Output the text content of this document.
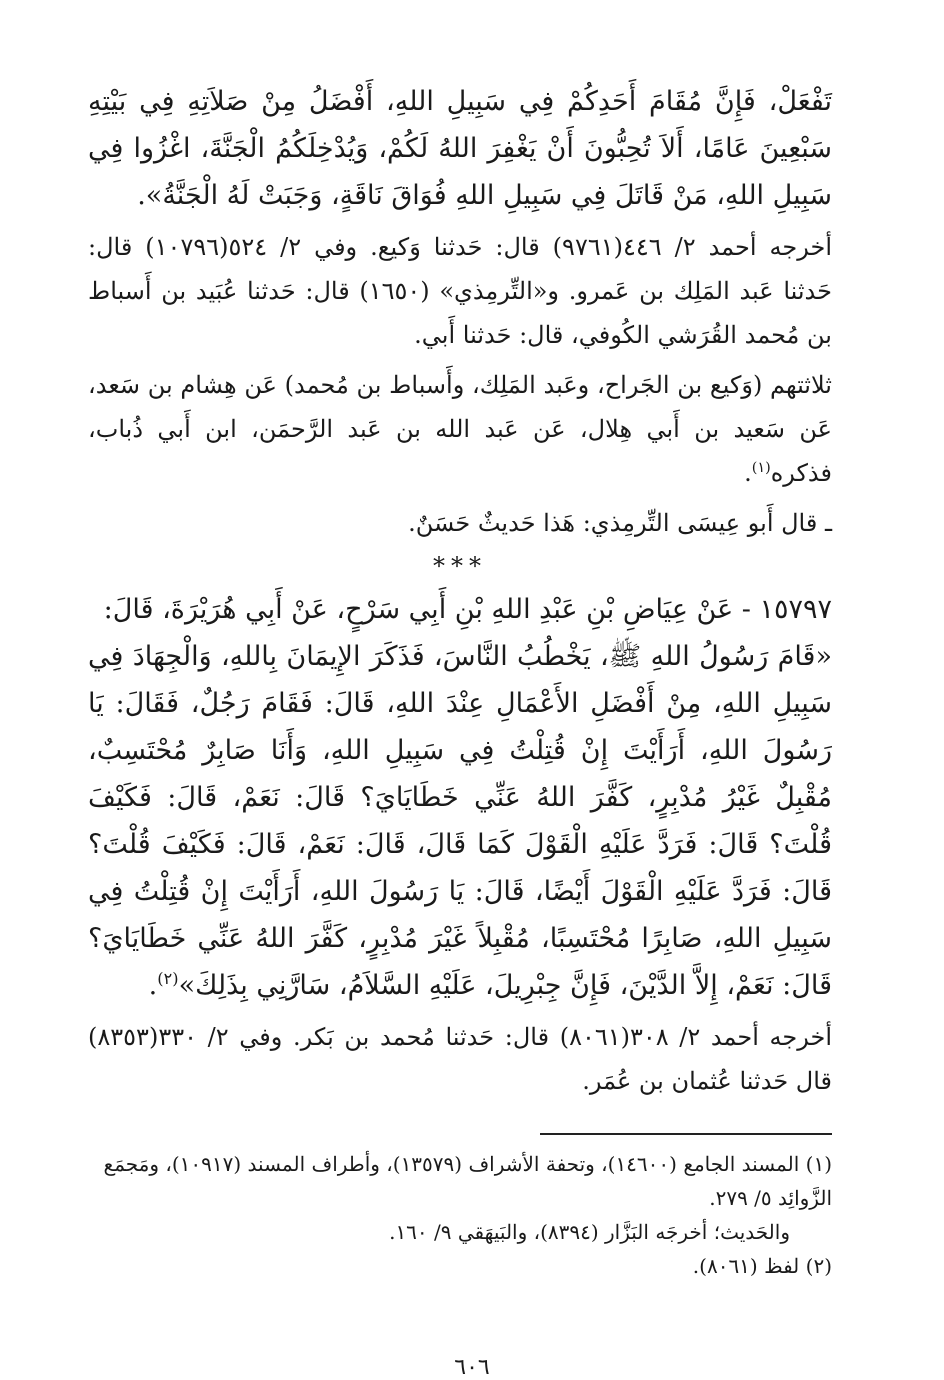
تَفْعَلْ، فَإِنَّ مُقَامَ أَحَدِكُمْ فِي سَبِيلِ اللهِ، أَفْضَلُ مِنْ صَلاَتِهِ فِي بَيْتِهِ سَبْعِينَ عَامًا، أَلاَ تُحِبُّونَ أَنْ يَغْفِرَ اللهُ لَكُمْ، وَيُدْخِلَكُمُ الْجَنَّةَ، اغْزُوا فِي سَبِيلِ اللهِ، مَنْ قَاتَلَ فِي سَبِيلِ اللهِ فُوَاقَ نَاقَةٍ، وَجَبَتْ لَهُ الْجَنَّةُ».

أخرجه أحمد ٢/ ٤٤٦(٩٧٦١) قال: حَدثنا وَكيع. وفي ٢/ ٥٢٤(١٠٧٩٦) قال: حَدثنا عَبد المَلِك بن عَمرو. و«التِّرمِذي» (١٦٥٠) قال: حَدثنا عُبَيد بن أَسباط بن مُحمد القُرَشي الكُوفي، قال: حَدثنا أَبي.

ثلاثتهم (وَكيع بن الجَراح، وعَبد المَلِك، وأَسباط بن مُحمد) عَن هِشام بن سَعد، عَن سَعيد بن أَبي هِلال، عَن عَبد الله بن عَبد الرَّحمَن، ابن أَبي ذُباب، فذكره$^{(١)}$.

ـ قال أَبو عِيسَى التِّرمِذي: هَذا حَديثٌ حَسَنٌ.

***

١٥٧٩٧ - عَنْ عِيَاضِ بْنِ عَبْدِ اللهِ بْنِ أَبِي سَرْحٍ، عَنْ أَبِي هُرَيْرَةَ، قَالَ:

«قَامَ رَسُولُ اللهِ ﷺ، يَخْطُبُ النَّاسَ، فَذَكَرَ الإِيمَانَ بِاللهِ، وَالْجِهَادَ فِي سَبِيلِ اللهِ، مِنْ أَفْضَلِ الأَعْمَالِ عِنْدَ اللهِ، قَالَ: فَقَامَ رَجُلٌ، فَقَالَ: يَا رَسُولَ اللهِ، أَرَأَيْتَ إِنْ قُتِلْتُ فِي سَبِيلِ اللهِ، وَأَنَا صَابِرٌ مُحْتَسِبٌ، مُقْبِلٌ غَيْرُ مُدْبِرٍ، كَفَّرَ اللهُ عَنِّي خَطَايَايَ؟ قَالَ: نَعَمْ، قَالَ: فَكَيْفَ قُلْتَ؟ قَالَ: فَرَدَّ عَلَيْهِ الْقَوْلَ كَمَا قَالَ، قَالَ: نَعَمْ، قَالَ: فَكَيْفَ قُلْتَ؟ قَالَ: فَرَدَّ عَلَيْهِ الْقَوْلَ أَيْضًا، قَالَ: يَا رَسُولَ اللهِ، أَرَأَيْتَ إِنْ قُتِلْتُ فِي سَبِيلِ اللهِ، صَابِرًا مُحْتَسِبًا، مُقْبِلاً غَيْرَ مُدْبِرٍ، كَفَّرَ اللهُ عَنِّي خَطَايَايَ؟ قَالَ: نَعَمْ، إِلاَّ الدَّيْنَ، فَإِنَّ جِبْرِيلَ، عَلَيْهِ السَّلاَمُ، سَارَّنِي بِذَلِكَ»$^{(٢)}$.

أخرجه أحمد ٢/ ٣٠٨(٨٠٦١) قال: حَدثنا مُحمد بن بَكر. وفي ٢/ ٣٣٠(٨٣٥٣) قال حَدثنا عُثمان بن عُمَر.

(١) المسند الجامع (١٤٦٠٠)، وتحفة الأشراف (١٣٥٧٩)، وأطراف المسند (١٠٩١٧)، ومَجمَع الزَّوائِد ٥/ ٢٧٩.

والحَديث؛ أخرجَه البَزَّار (٨٣٩٤)، والبَيهَقي ٩/ ١٦٠.

(٢) لفظ (٨٠٦١).

٦٠٦
